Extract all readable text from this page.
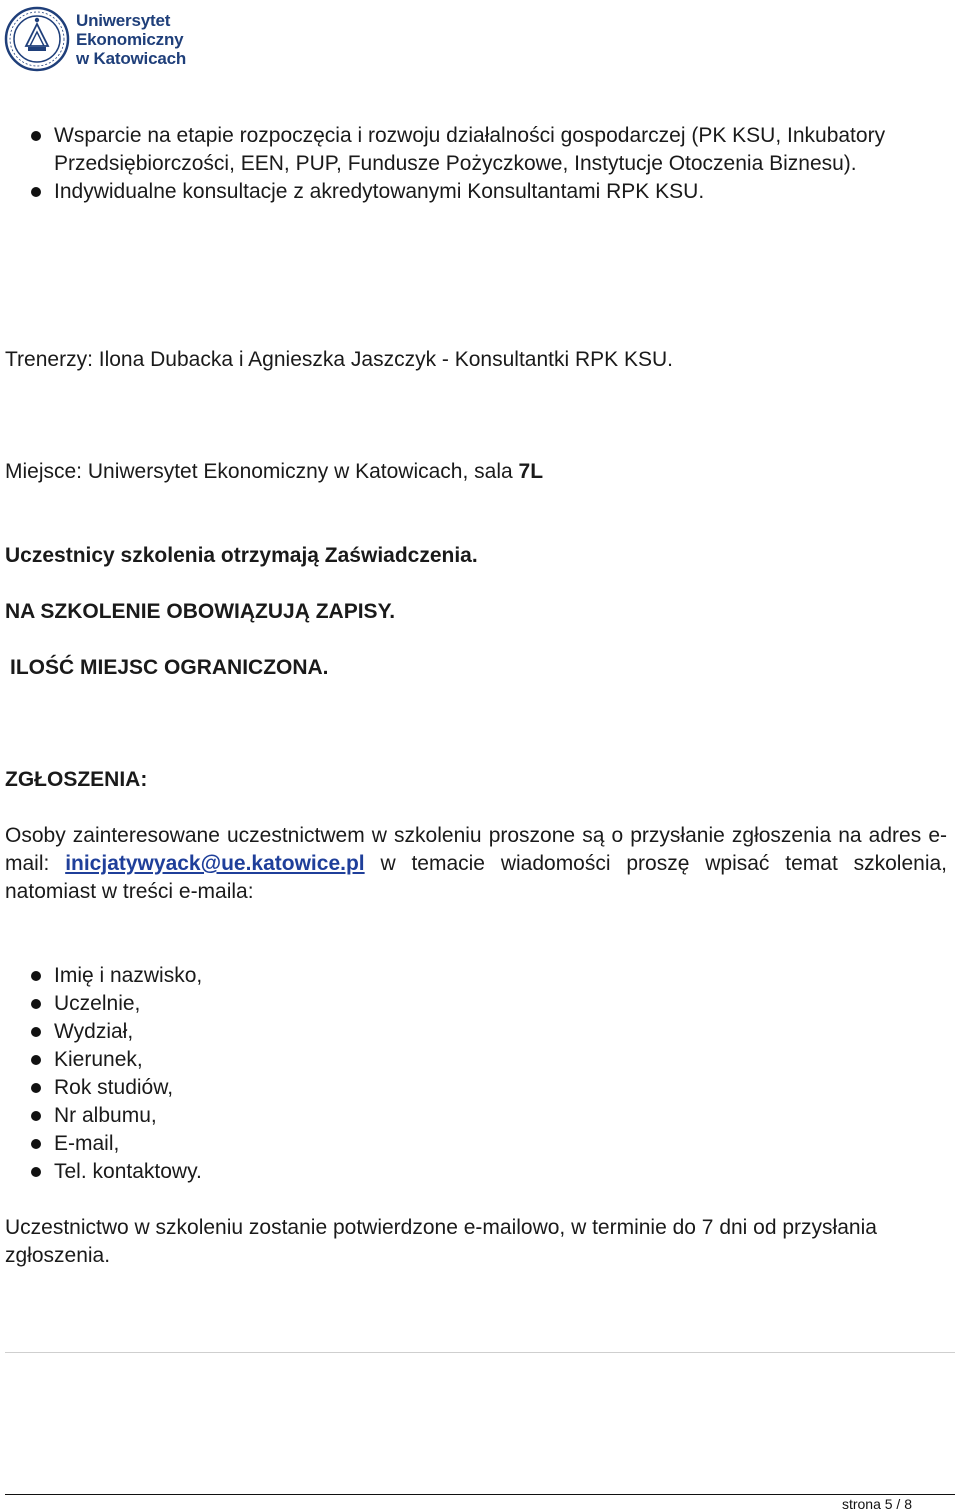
Uniwersytet
Ekonomiczny
w Katowicach
Wsparcie na etapie rozpoczęcia i rozwoju działalności gospodarczej (PK KSU, Inkubatory Przedsiębiorczości, EEN, PUP, Fundusze Pożyczkowe, Instytucje Otoczenia Biznesu).
Indywidualne konsultacje z akredytowanymi Konsultantami RPK KSU.

Trenerzy: Ilona Dubacka i Agnieszka Jaszczyk - Konsultantki RPK KSU.

Miejsce: Uniwersytet Ekonomiczny w Katowicach, sala 7L

Uczestnicy szkolenia otrzymają Zaświadczenia.

NA SZKOLENIE OBOWIĄZUJĄ ZAPISY.

ILOŚĆ MIEJSC OGRANICZONA.

ZGŁOSZENIA:

Osoby zainteresowane uczestnictwem w szkoleniu proszone są o przysłanie zgłoszenia na adres e-mail: inicjatywyack@ue.katowice.pl w temacie wiadomości proszę wpisać temat szkolenia, natomiast w treści e-maila:

Imię i nazwisko,
Uczelnie,
Wydział,
Kierunek,
Rok studiów,
Nr albumu,
E-mail,
Tel. kontaktowy.

Uczestnictwo w szkoleniu zostanie potwierdzone e-mailowo, w terminie do 7 dni od przysłania zgłoszenia.

strona 5 / 8
